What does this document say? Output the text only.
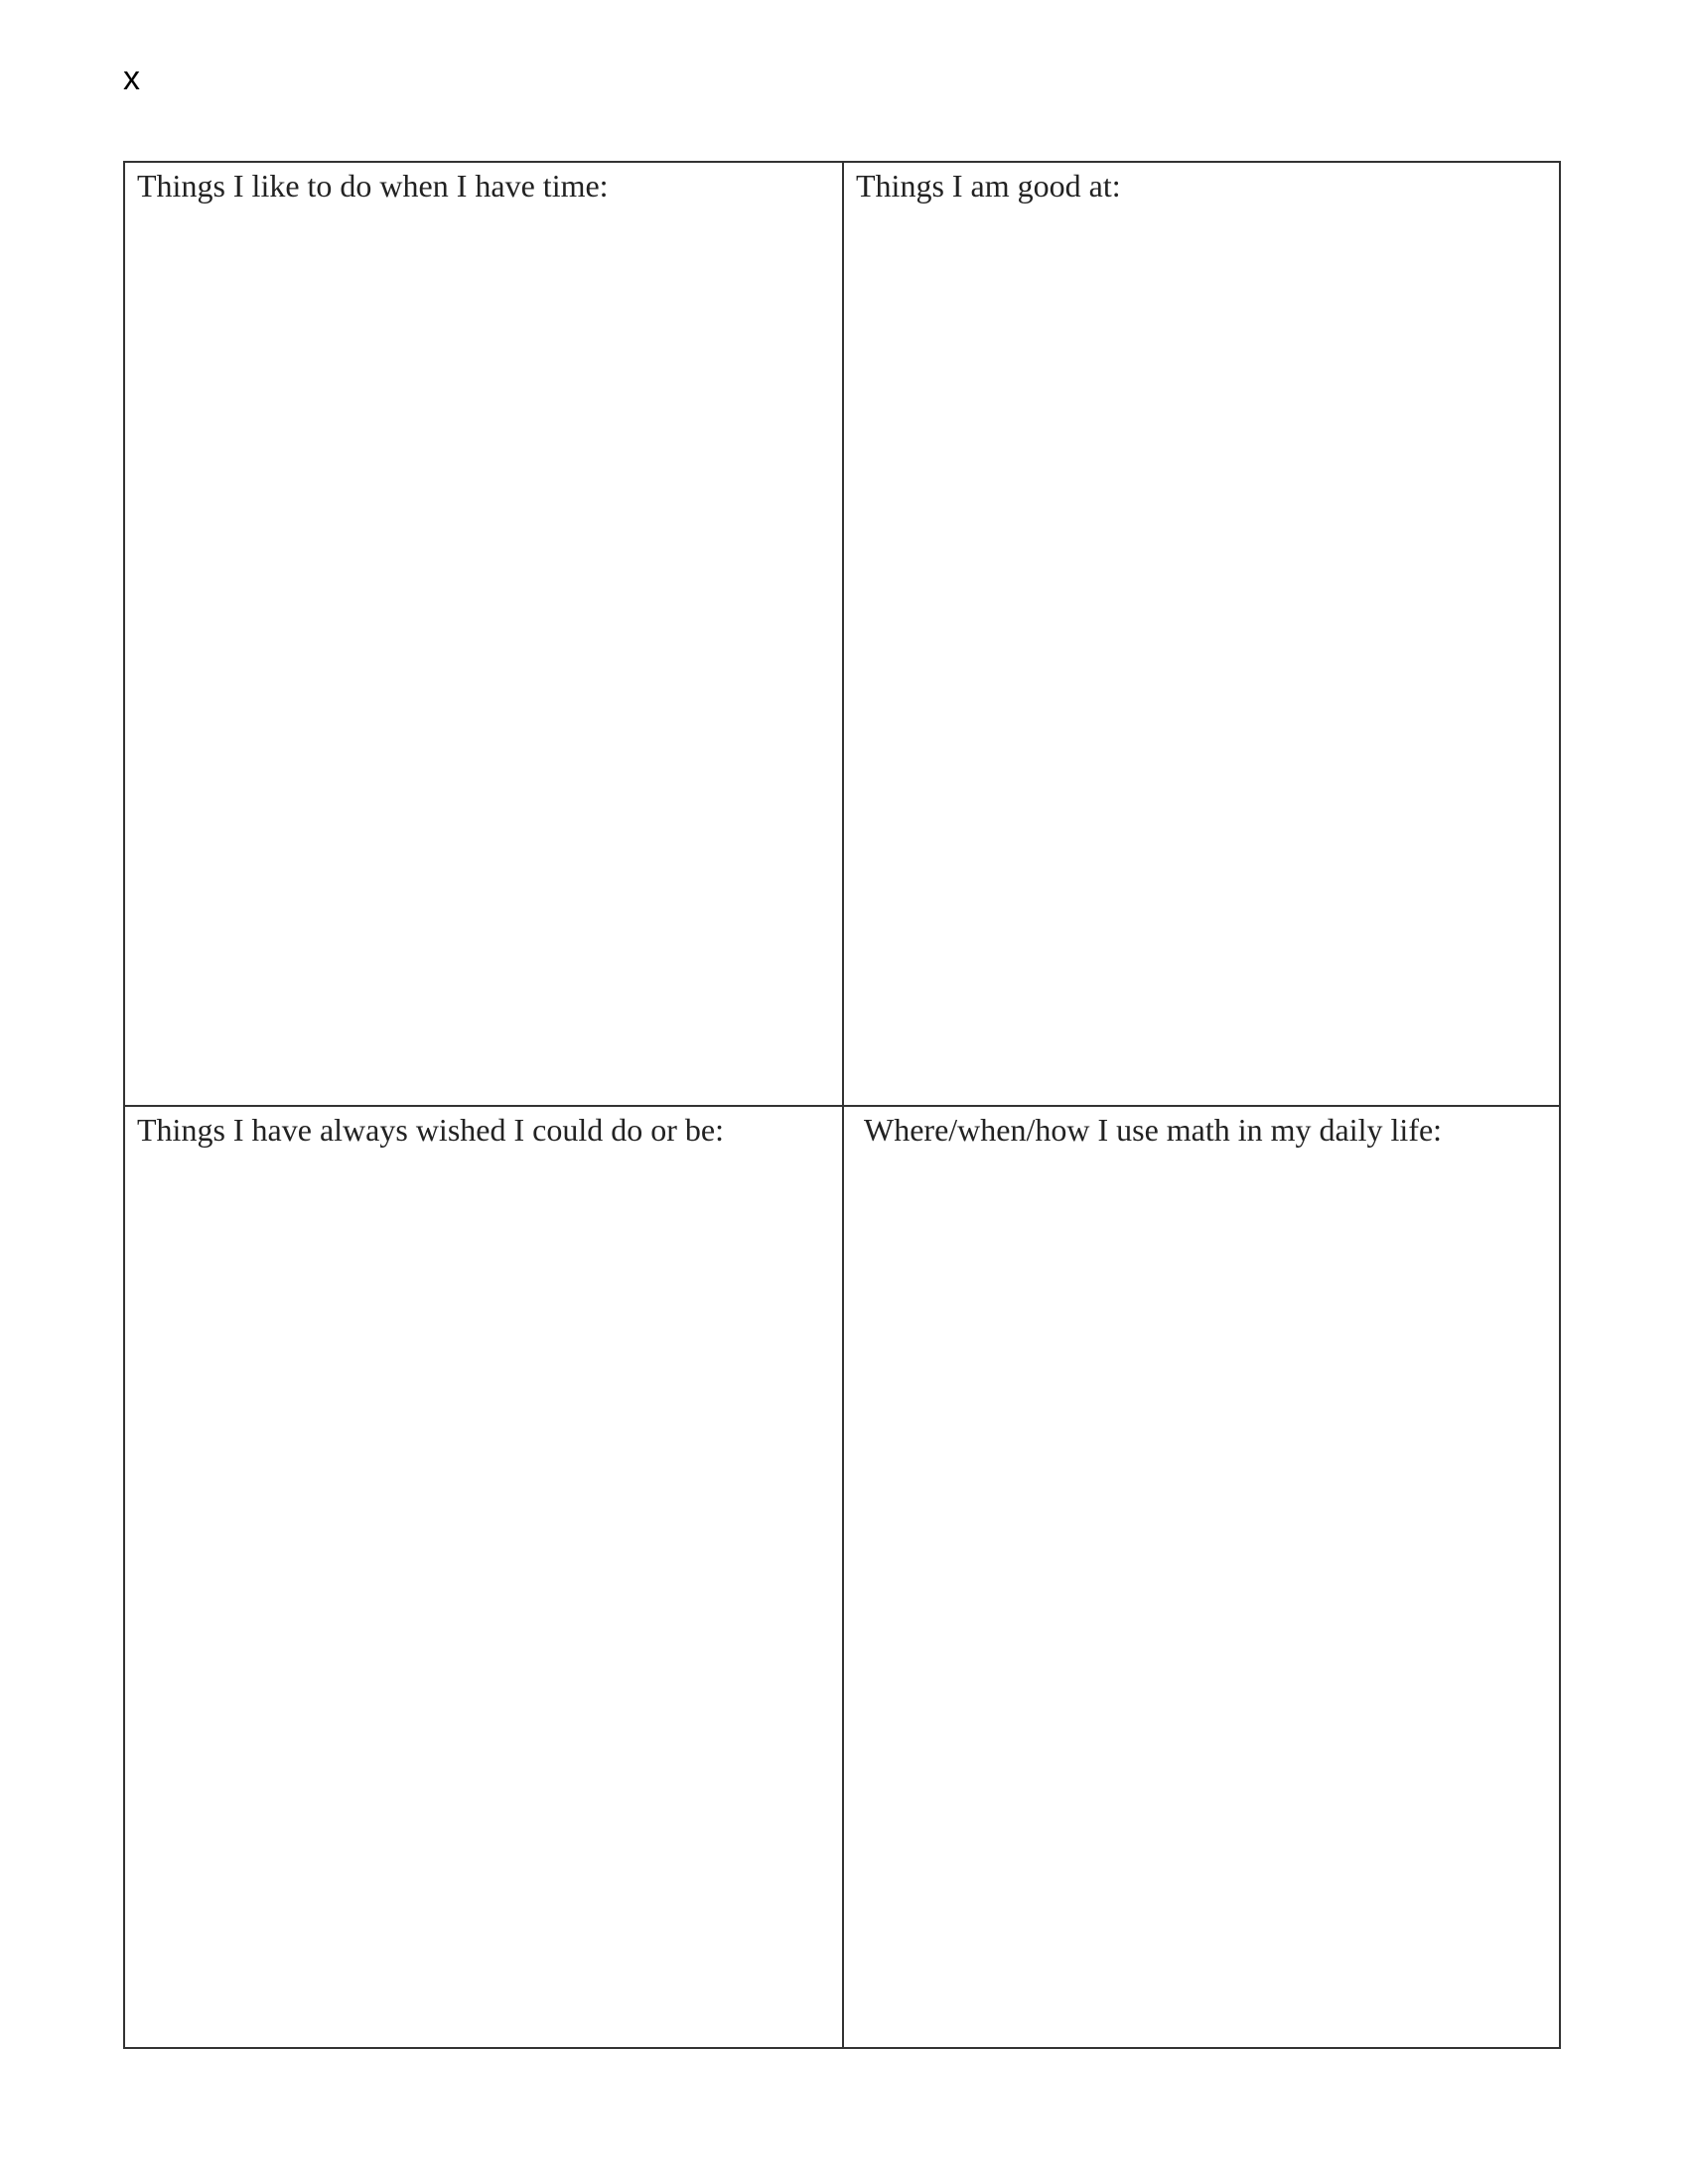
x
Things I like to do when I have time:	Things I am good at:
Things I have always wished I could do or be:	Where/when/how I use math in my daily life:
